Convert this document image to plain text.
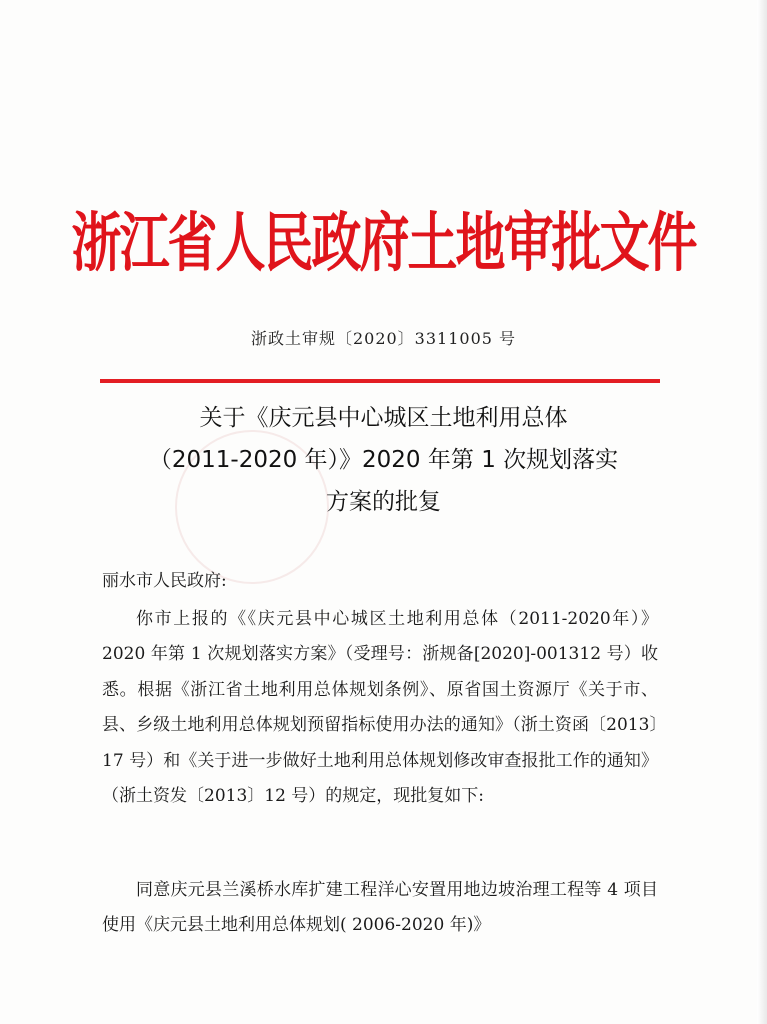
浙江省人民政府土地审批文件
浙政土审规〔2020〕3311005 号
关于《庆元县中心城区土地利用总体
（2011-2020 年）》2020 年第 1 次规划落实
方案的批复
丽水市人民政府:
你市上报的《《庆元县中心城区土地利用总体（2011-2020年）》2020 年第 1 次规划落实方案》（受理号：浙规备[2020]-001312 号）收悉。根据《浙江省土地利用总体规划条例》、原省国土资源厅《关于市、县、乡级土地利用总体规划预留指标使用办法的通知》（浙土资函〔2013〕17 号）和《关于进一步做好土地利用总体规划修改审查报批工作的通知》（浙土资发〔2013〕12 号）的规定，现批复如下:
同意庆元县兰溪桥水库扩建工程洋心安置用地边坡治理工程等 4 项目使用《庆元县土地利用总体规划( 2006-2020 年)》
